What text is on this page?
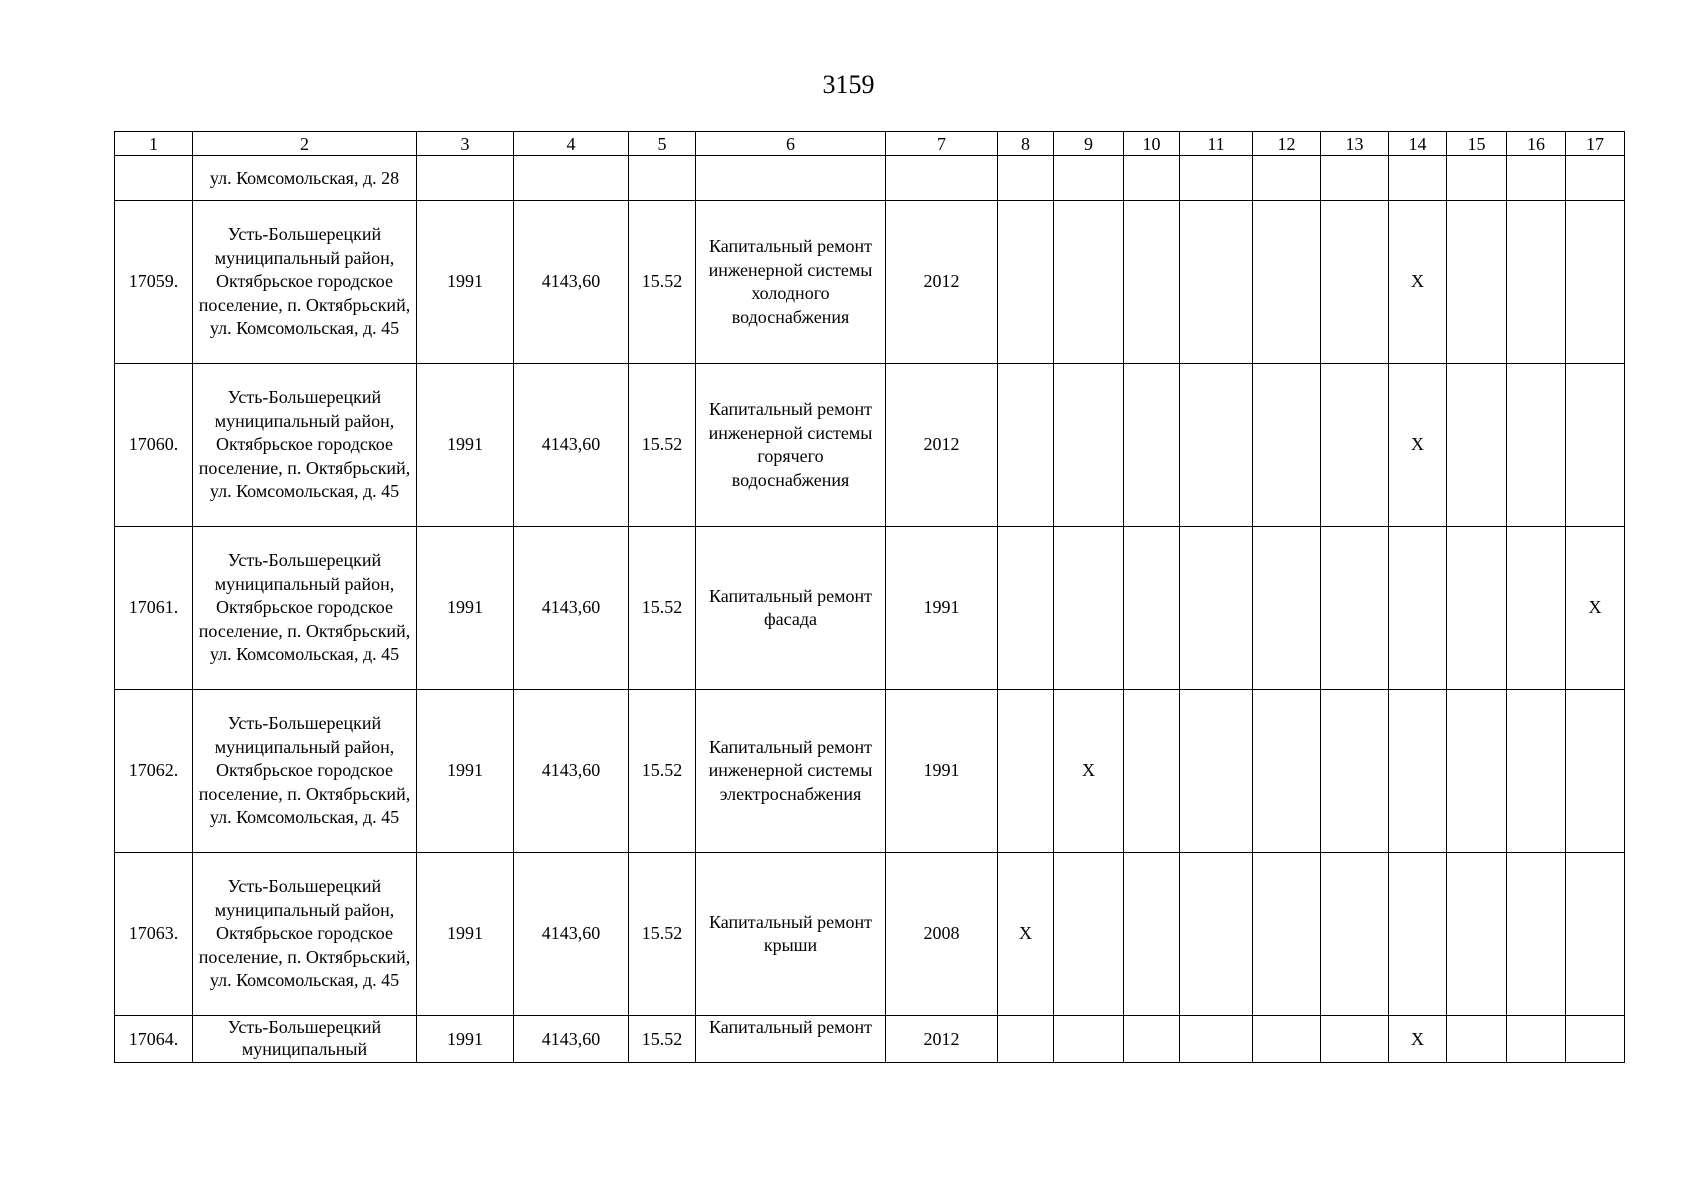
3159
1	2	3	4	5	6	7	8	9	10	11	12	13	14	15	16	17
	ул. Комсомольская, д. 28															
17059.	Усть-Большерецкий муниципальный район, Октябрьское городское поселение, п. Октябрьский, ул. Комсомольская, д. 45	1991	4143,60	15.52	Капитальный ремонт инженерной системы холодного водоснабжения	2012							X			
17060.	Усть-Большерецкий муниципальный район, Октябрьское городское поселение, п. Октябрьский, ул. Комсомольская, д. 45	1991	4143,60	15.52	Капитальный ремонт инженерной системы горячего водоснабжения	2012							X			
17061.	Усть-Большерецкий муниципальный район, Октябрьское городское поселение, п. Октябрьский, ул. Комсомольская, д. 45	1991	4143,60	15.52	Капитальный ремонт фасада	1991										X
17062.	Усть-Большерецкий муниципальный район, Октябрьское городское поселение, п. Октябрьский, ул. Комсомольская, д. 45	1991	4143,60	15.52	Капитальный ремонт инженерной системы электроснабжения	1991		X								
17063.	Усть-Большерецкий муниципальный район, Октябрьское городское поселение, п. Октябрьский, ул. Комсомольская, д. 45	1991	4143,60	15.52	Капитальный ремонт крыши	2008	X									
17064.	Усть-Большерецкий муниципальный	1991	4143,60	15.52	Капитальный ремонт	2012							X			
